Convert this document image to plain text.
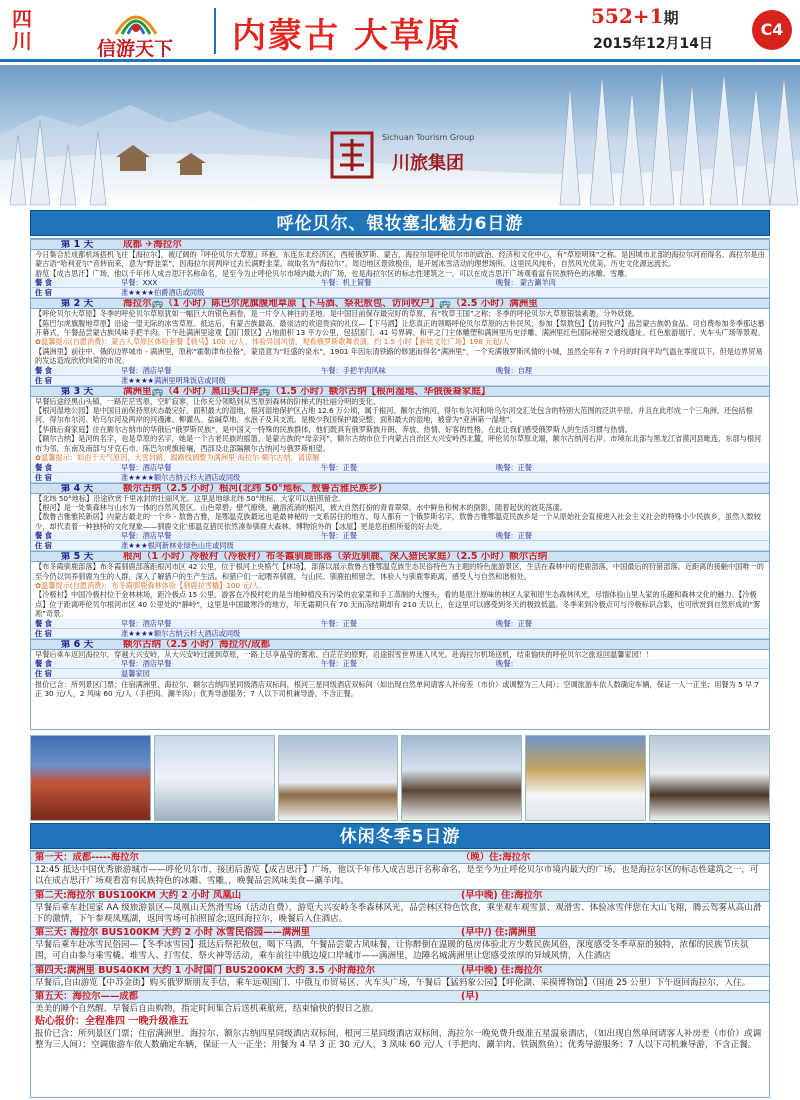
四川	信游天下	内蒙古 大草原	552+1期
2015年12月14日
C4
Sichuan Tourism Group
川旅集团
呼伦贝尔、银妆塞北魅力6日游
第 1 天	成都 ✈海拉尔
今日集合於成都机场搭机飞往【海拉尔】，被辽阔的『呼伦贝尔大草原』环抱，东连东北经济区，西接俄罗斯、蒙古，海拉尔是呼伦贝尔市的政治、经济和文化中心，有“草原明珠”之称。是因城市北部的海拉尔河而得名。海拉尔是由蒙古语“哈利亚尔”音转而来，意为“野韭菜”，因海拉尔河两岸过去长满野韭菜，故取名为“海拉尔”。周边地区景致极佳，是开展冰雪活动的理想场所。这里民风纯朴，自然风光优美，历史文化源远流长。
游览【成吉思汗】广场，他以千年伟人成吉思汗名称命名，是至今为止呼伦贝尔市境内最大的广场，也是海拉尔区的标志性建筑之一，可以在成吉思汗广场观看富有民族特色的冰雕、雪雕。
餐 食	早餐：XXX	午餐：机上简餐	晚餐： 蒙古涮羊肉
住 宿	准★★★★伯爵酒店或同级
第 2 天	海拉尔🚌（1 小时）陈巴尔虎旗腹地草原【下马酒、祭祀敖包、访问牧户】🚌（2.5 小时）满洲里
【呼伦贝尔大草原】冬季的呼伦贝尔草原犹如一幅巨大的银色画卷，是一片令人神往的圣地。是中国目前保存最完好的草原，有“牧草王国”之称；冬季的呼伦贝尔大草原银装素裹，分外妖娆。
【陈巴尔虎旗腹地草原】沿途一望无际的冰雪草原。抵达后，有蒙古族最高、最崇洁的欢迎贵宾的礼仪—【下马酒】让您真正的领略呼伦贝尔草原的古朴民风；参加【祭敖包】【访问牧户】品尝蒙古族奶食品。可自费参加冬季那达慕开幕式，午餐品尝蒙古族风味手把羊肉。下午赴满洲里途观【国门景区】占地面积 13 平方公里，包括国门、41 号界碑、和平之门主体雕塑和满洲里历史浮雕、满洲里红色国际秘密交通线遗址、红色旅游展厅、火车头广场等景观。
✿温馨提示(自愿消费)：蒙古人草原区体验套餐【骑马】100 元/人、体验异国风情，观看俄罗斯歌舞表演，约 1.5 小时【套娃文化广场】198 元起/人
【满洲里】前往中、俄的边界城市 - 满洲里，原称“霍勒津布拉格”，蒙语意为“旺盛的泉水”，1901 年因东清铁路的修建而得名“满洲里”，一个充满俄罗斯风情的小城，虽然全年有 7 个月的时间平均气温在零度以下，但是边界贸易的发达造成欣欣向荣的市况。
餐 食	早餐：酒店早餐	午餐：手把羊肉风味	晚餐：自理
住 宿	准★★★★满洲里明珠饭店或同级
第 3 天	满洲里🚌（4 小时）黑山头口岸🚌（1.5 小时）额尔古纳【根河湿地、华俄後裔家庭】
早餐后途经黑山头镇，一路茫茫雪原，空旷寂寥，让你充分领略到从雪原到森林的阶梯式的壮丽分明的变化。
【根河湿地公园】是中国目前保持原状态最完好、面积最大的湿地，根河湿地保护区占地 12.6 万公顷，属于根河、额尔古纳河、得尔布尔河和哈乌尔河交汇处包含的特别大范围的泛洪平原，并且在此形成一个三角洲，还包括根河、得尔布尔河、哈乌尔河及两岸的河漫滩、柳灌丛、盐碱草地、水泡子及其支流。是极少我国保护最完整、面积最大的湿地，被誉为“亚洲第一湿地”。
【华俄后裔家庭】住在额尔古纳市的华俄后“俄罗斯民族”，是中国又一特殊的民族群体，他们既具有俄罗斯族开朗、奔放、热情、好客的性格，在此让我们感受俄罗斯人的生活习惯与热情。
【额尔古纳】是河的名字，也是草原的名字，她是一个古老民族的摇篮，是蒙古族的“母亲河”，额尔古纳市位于内蒙古自治区大兴安岭西北麓，呼伦贝尔草原北端，额尔古纳河右岸。市境东北部与黑龙江省漠河县毗连，东部与根河市为邻，东南及南部与牙克石市、陈巴尔虎旗接壤，西部及北部隔额尔古纳河与俄罗斯相望。
✿温馨提示：如由于天气原因，大雪封路，跟路线调整为满洲里-海拉尔-额尔古纳，请谅解
餐 食	早餐：酒店早餐	午餐：正餐	晚餐：正餐
住 宿	准★★★★额尔古纳云杉大酒店或同级
第 4 天	额尔古纳（2.5 小时）根河(北纬 50°地标、敖鲁古雅民族乡)
【北纬 50°地标】沿途欣赏千里冰封的壮丽风光。这里是地球北纬 50°地标，大家可以拍照留念。
【根河】是一处集森林与山水为一体的自然风景区。山色翠碧，壁气缭绕，融溶流淌的根河，被大自然打扮的青青翠翠，水中鲜鱼和树木的倒影，随着起伏的波花荡漾。
【敖鲁古雅雅民新居】内蒙古最北的一个乡 - 敖鲁古雅，是鄂温克族最远也是最神秘的一支系居住的地方。每人都有一个俄罗斯名字，敖鲁古雅鄂温克民族乡是一个从原始社会直接进入社会主义社会的特殊小少民族乡，虽然人数较少，却代表着一种独特的文化现象——驯鹿文化'那温克猎民依然凑参驯鹿大森林。博物馆外的【冰屋】更是您拍照所爱的好去处。
餐 食	早餐：酒店早餐	午餐：正餐	晚餐：正餐
住 宿	准★★★根河新林业绿色山庄或同级
第 5 天	根河（1 小时）冷极村（冷极村）布冬霞驯鹿部落（亲近驯鹿、深入猎民家庭）（2.5 小时）额尔古纳
【布冬霞驯鹿部落】布冬霞驯鹿部落距根河市区 42 公里，位于根河上央格气【林场】，部落以展示敖鲁古雅鄂温克族生态民俗特色为主题的特色旅游景区，生活在森林中的使鹿部落，中国最后的狩猎部落。近距离的接触中国唯一的至今仍以饲养驯鹿为生的人群，深入了解猎户的生产生活。和猎户们一起喂养驯鹿，与山民、驯鹿拍照留念，体验人与驯鹿零距离，感受人与自然和谐相处。
✿温馨提示(自愿消费)：布冬霞驯鹿森林体验【驯鹿拉雪橇】100 元/人。
【冷极村】中国冷极村位于金林林场，距冷极点 15 公里，游客在冷极村吃的是当地种植没有污染的农家菜和手工蒸制的大馒头，看的是原汁原味的林区人家和原生态森林风光，尽情体验山里人家的乐趣和森林文化的魅力。【冷极点】位于距离呼伦贝尔根河市区 40 公里处的“静岭”，这里是中国最寒冷的地方，年无霜期只有 70 天而冻结期却有 210 天以上，在这里可以感受到冬天的极致低温。冬季来到冷极点可与冷极标识合影，也可欣赏到自然形成的“雾凇”奇景。
餐 食	早餐：酒店早餐	午餐：正餐	晚餐：正餐
住 宿	准★★★★额尔古纳云杉大酒店或同级
第 6 天	额尔古纳（2.5 小时）海拉尔/成都
早餐后乘车返回海拉尔，穿越大兴安岭，从大兴安岭过渡到草原，一路上尽享晶莹的雾凇、白茫茫的原野，沿途银雪世界迷人风光。赴海拉尔机场送机，结束愉快的呼伦贝尔之旅返回温馨家园！！
餐 食	早餐：酒店早餐	午餐：正餐	晚餐：
住 宿	温馨家园
报价已含：所列景区门票；住宿满洲里、海拉尔、额尔古纳四星同级酒店双标间，根河三星同级酒店双标间（如出现自然单间请客人补房差（市价）或调整为三人间）；空调旅游车依人数确定车辆，保证一人一正坐；用餐为 5 早 7 正 30 元/人，2 风味 60 元/人（手把肉、涮羊肉）；优秀导游服务；7 人以下司机兼导游，不含正餐。
休闲冬季5日游
第一天：成都-----海拉尔	（晚）住:海拉尔
12:45 抵达中国优秀旅游城市——呼伦贝尔市，接团后游览【成吉思汗】广场，他以千年伟人成吉思汗名称命名，是至今为止呼伦贝尔市境内最大的广场，也是海拉尔区的标志性建筑之一，可以在成吉思汗广场观看富有民族特色的冰雕、雪雕。，晚餐品尝风味美食—涮羊肉。
第二天:海拉尔 BUS100KM 大约 2 小时 凤凰山	(早中晚) 住:海拉尔
早餐后乘车赴国家 AA 级旅游景区—凤凰山天然滑雪场（活动自费），游览大兴安岭冬季森林风光，品尝林区特色饮食，乘坐观车观雪景、观滑雪、体验冰雪伴您在大山飞翔，腾云驾雾从高山滑下的激情，下午参观凤凰湖，返回雪场可拍照留念;返回海拉尔，晚餐后入住酒店。
第三天: 海拉尔 BUS100KM 大约 2 小时 冰雪民俗园——满洲里	(早中/) 住:满洲里
早餐后乘车赴冰雪民俗园—【冬季冰雪园】抵达后祭祀敖包，喝下马酒，午餐品尝蒙古风味餐，让你醉倒在温暖的毡房体验北方少数民族风俗，深度感受冬季草原的独特，浓郁的民族节庆氛围，可自由参与乘雪橇、堆雪人、打雪仗、祭火神等活动，乘车前往中俄边境口岸城市——满洲里，边陲名城满洲里让您感受浓厚的异域风情，入住酒店
第四天:满洲里 BUS40KM 大约 1 小时国门 BUS200KM 大约 3.5 小时海拉尔	(早中晚) 住:海拉尔
早餐后,自由游览【中苏金街】购买俄罗斯朋友手信，乘车远观国门、中俄互市贸易区、火车头广场，午餐后【猛犸象公园】【呼伦湖、采摸博物馆】（国道 25 公里）下午返回海拉尔，入住。
第五天：海拉尔——成都	(早)
美美的睡个自然醒，早餐后自由购物，指定时间集合后送机乘航班，结束愉快的假日之旅。
贴心报价：全程准四 一晚升级准五
报价已含：所列景区门票；住宿满洲里、海拉尔、额尔古纳四星同级酒店双标间，根河三星同级酒店双标间，海拉尔一晚免费升级准五星温泉酒店，（如出现自然单间请客人补房差（市价）或调整为三人间）；空调旅游车依人数确定车辆，保证一人一正坐；用餐为 4 早 3 正 30 元/人，3 风味 60 元/人（手把肉、涮羊肉、铁锅熬鱼）；优秀导游服务；7 人以下司机兼导游，不含正餐。
